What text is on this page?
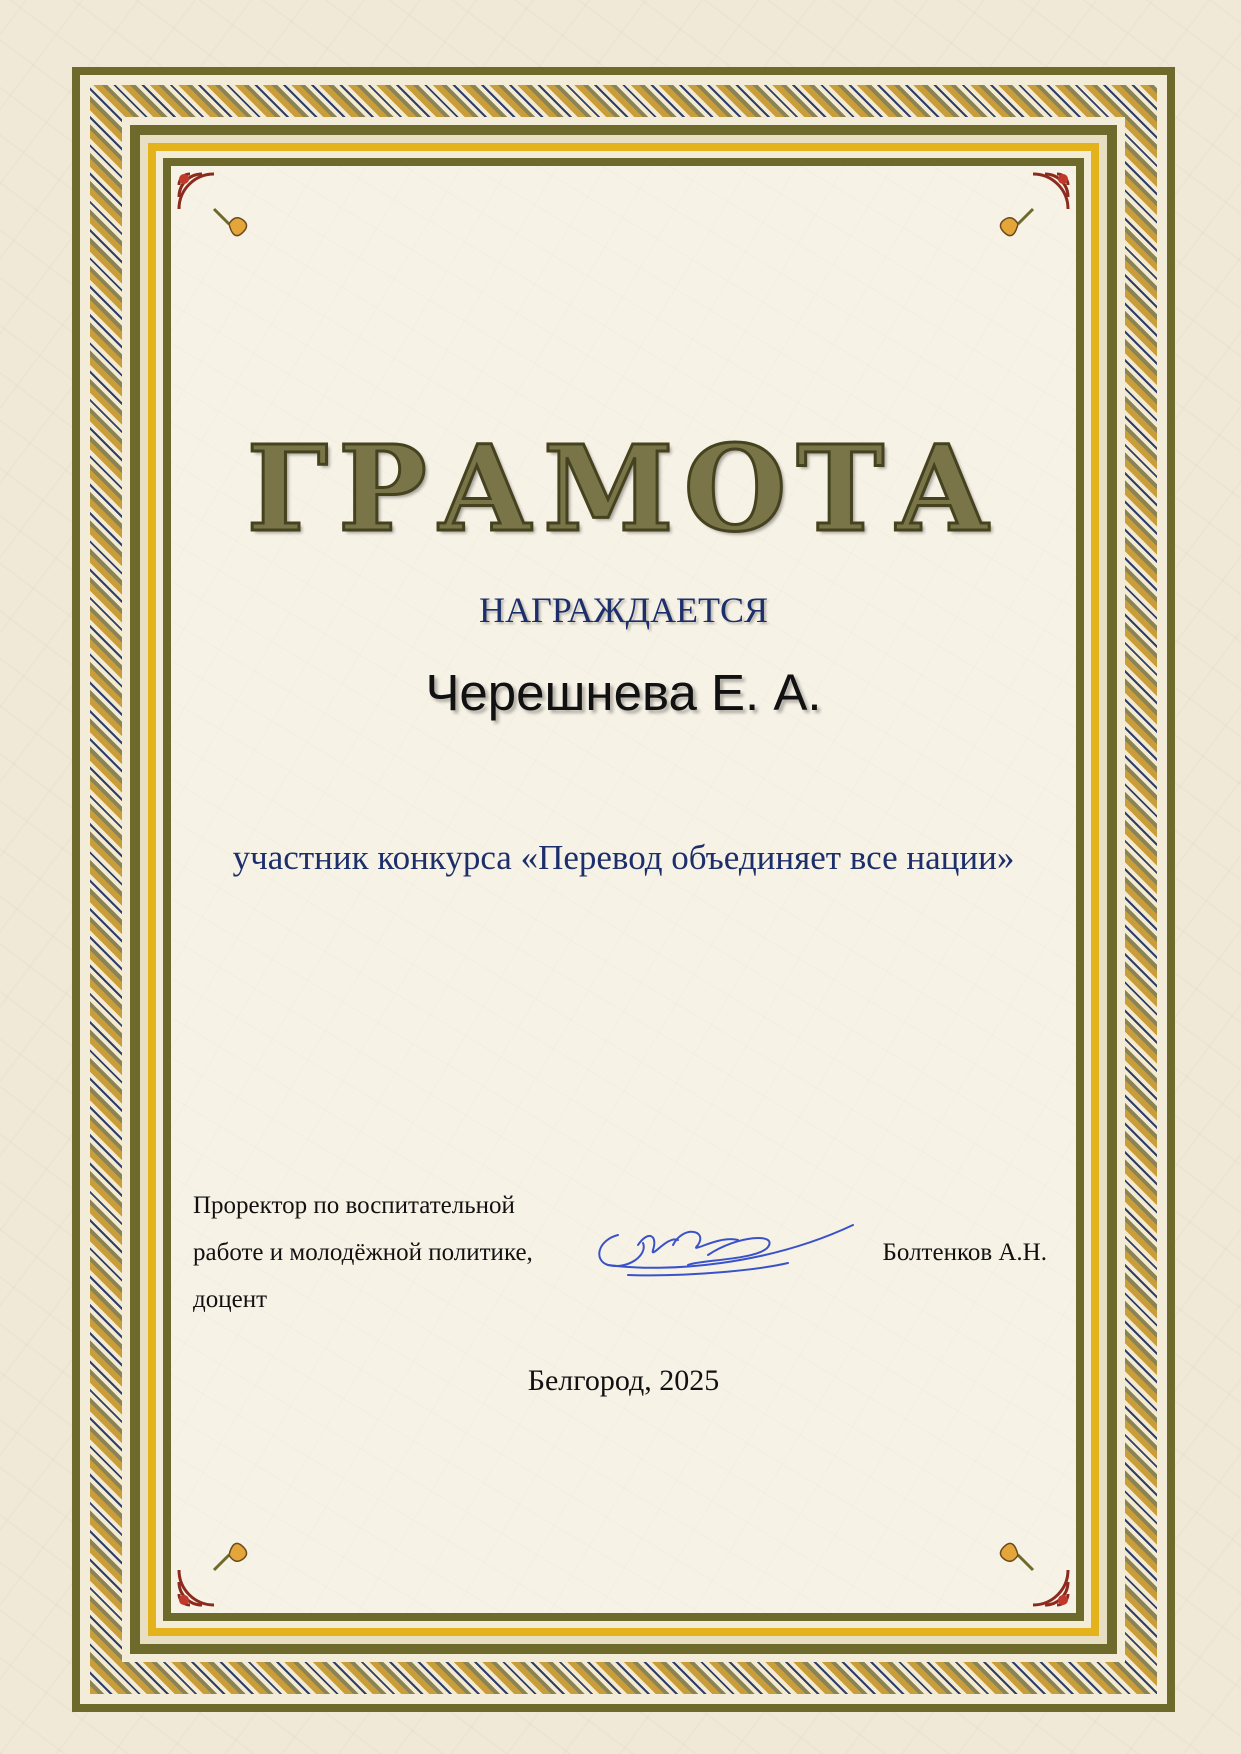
ГРАМОТА
НАГРАЖДАЕТСЯ
Черешнева Е. А.
участник конкурса «Перевод объединяет все нации»
Проректор по воспитательной
работе и молодёжной политике,
доцент
Болтенков А.Н.
Белгород, 2025
